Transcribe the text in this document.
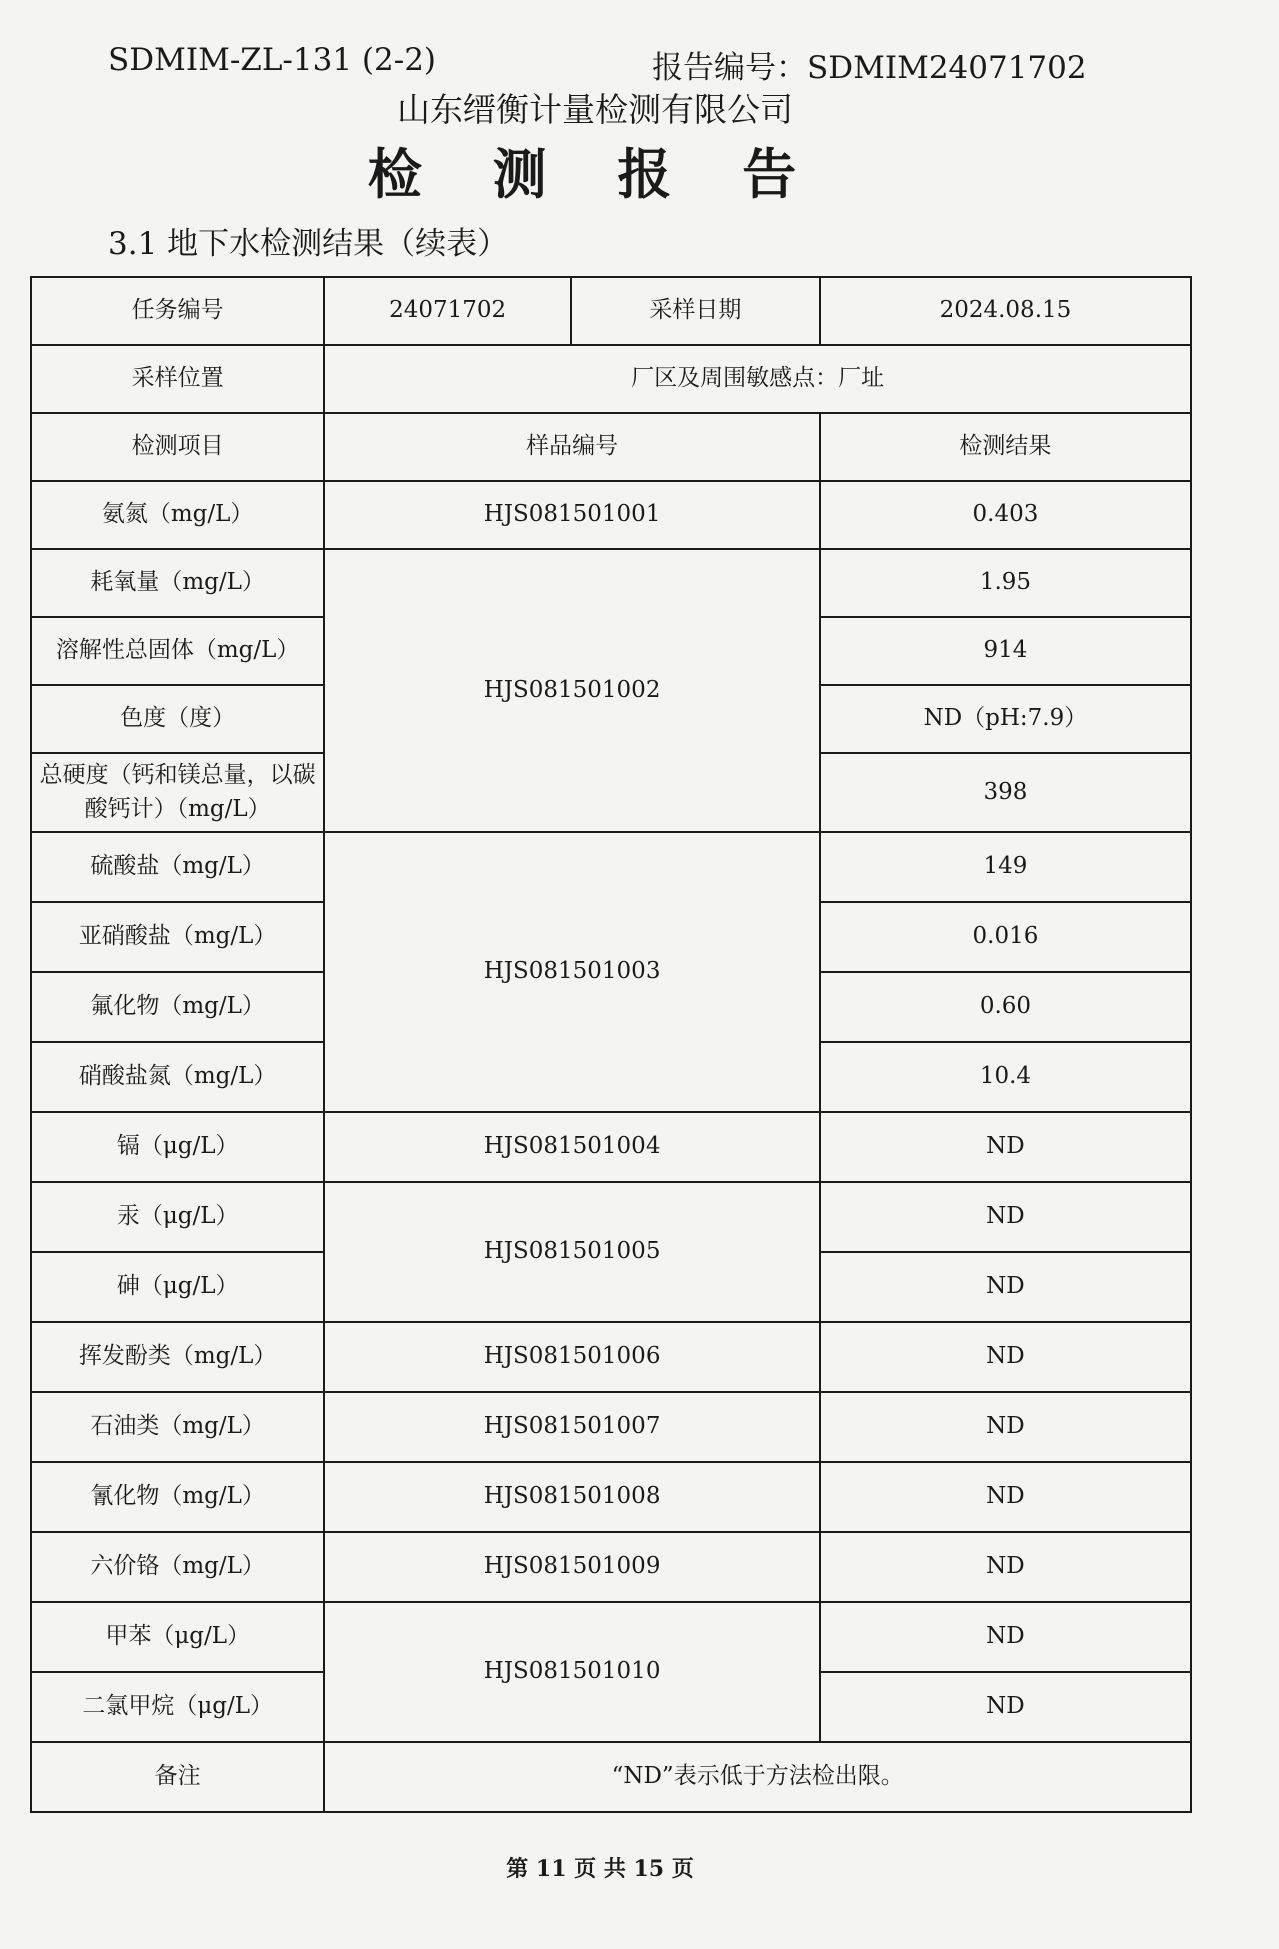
SDMIM-ZL-131 (2-2)	报告编号：SDMIM24071702
山东缙衡计量检测有限公司
检 测 报 告
3.1 地下水检测结果（续表）
任务编号	24071702	采样日期	2024.08.15
采样位置	厂区及周围敏感点：厂址		
检测项目	样品编号		检测结果
氨氮（mg/L）	HJS081501001		0.403
耗氧量（mg/L）	HJS081501002		1.95
溶解性总固体（mg/L）			914
色度（度）			ND（pH:7.9）
总硬度（钙和镁总量，以碳酸钙计）（mg/L）			398
硫酸盐（mg/L）	HJS081501003		149
亚硝酸盐（mg/L）			0.016
氟化物（mg/L）			0.60
硝酸盐氮（mg/L）			10.4
镉（μg/L）	HJS081501004		ND
汞（μg/L）	HJS081501005		ND
砷（μg/L）			ND
挥发酚类（mg/L）	HJS081501006		ND
石油类（mg/L）	HJS081501007		ND
氰化物（mg/L）	HJS081501008		ND
六价铬（mg/L）	HJS081501009		ND
甲苯（μg/L）	HJS081501010		ND
二氯甲烷（μg/L）			ND
备注	“ND”表示低于方法检出限。		
第 11 页 共 15 页
